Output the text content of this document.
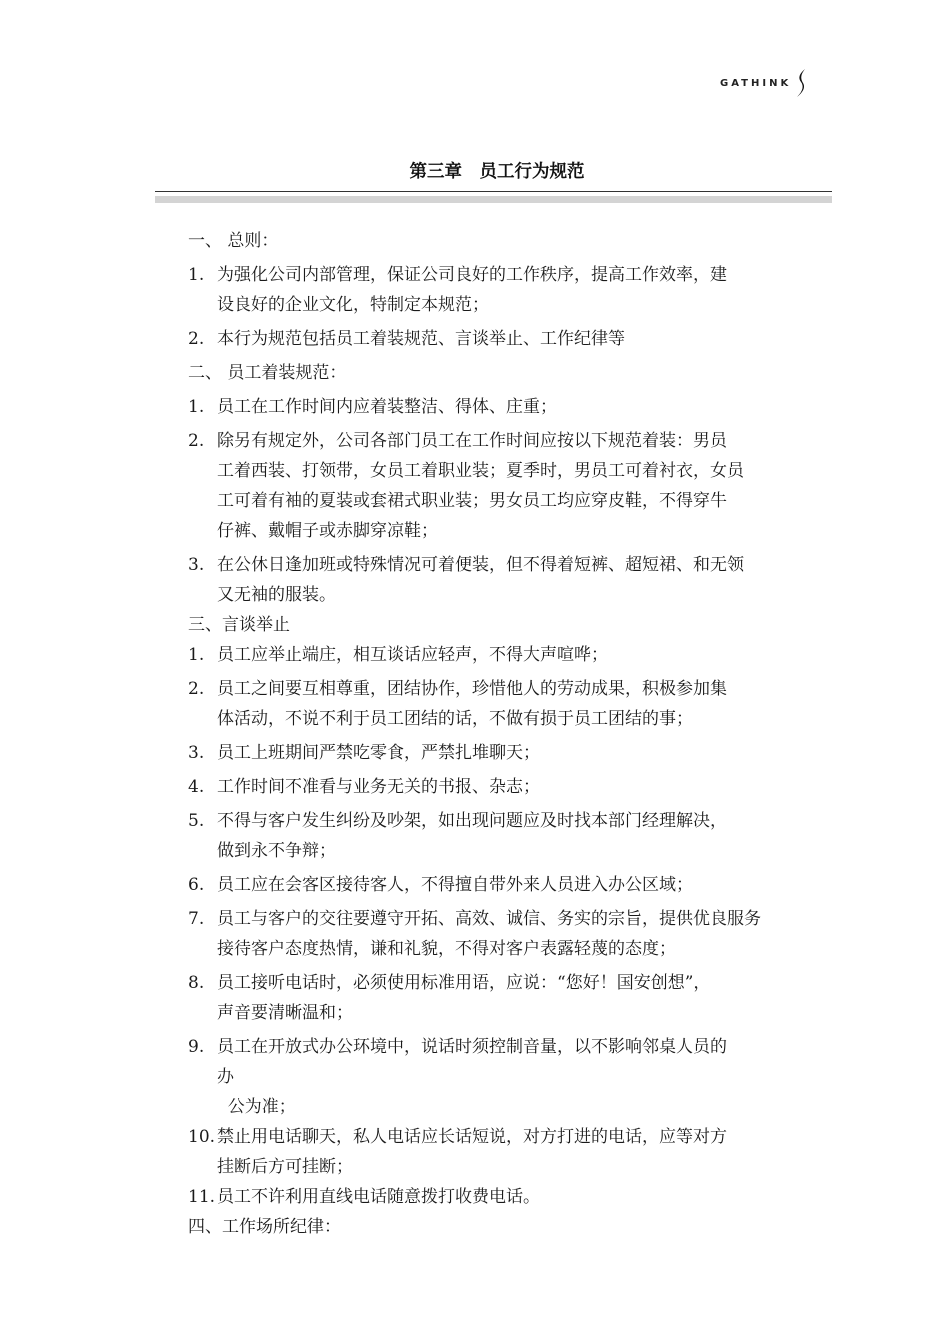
GATHINK
第三章　员工行为规范
一、 总则：
1. 为强化公司内部管理，保证公司良好的工作秩序，提高工作效率，建
设良好的企业文化，特制定本规范；
2. 本行为规范包括员工着装规范、言谈举止、工作纪律等
二、 员工着装规范：
1. 员工在工作时间内应着装整洁、得体、庄重；
2. 除另有规定外，公司各部门员工在工作时间应按以下规范着装：男员
工着西装、打领带，女员工着职业装；夏季时，男员工可着衬衣，女员
工可着有袖的夏装或套裙式职业装；男女员工均应穿皮鞋，不得穿牛
仔裤、戴帽子或赤脚穿凉鞋；
3. 在公休日逢加班或特殊情况可着便装，但不得着短裤、超短裙、和无领
又无袖的服装。
三、言谈举止
1. 员工应举止端庄，相互谈话应轻声，不得大声喧哗；
2. 员工之间要互相尊重，团结协作，珍惜他人的劳动成果，积极参加集
体活动，不说不利于员工团结的话，不做有损于员工团结的事；
3. 员工上班期间严禁吃零食，严禁扎堆聊天；
4. 工作时间不准看与业务无关的书报、杂志；
5. 不得与客户发生纠纷及吵架，如出现问题应及时找本部门经理解决，
做到永不争辩；
6. 员工应在会客区接待客人，不得擅自带外来人员进入办公区域；
7. 员工与客户的交往要遵守开拓、高效、诚信、务实的宗旨，提供优良服务
接待客户态度热情，谦和礼貌，不得对客户表露轻蔑的态度；
8. 员工接听电话时，必须使用标准用语，应说：“您好！国安创想”，
声音要清晰温和；
9. 员工在开放式办公环境中，说话时须控制音量，以不影响邻桌人员的
办
公为准；
10. 禁止用电话聊天，私人电话应长话短说，对方打进的电话，应等对方
挂断后方可挂断；
11. 员工不许利用直线电话随意拨打收费电话。
四、工作场所纪律：
